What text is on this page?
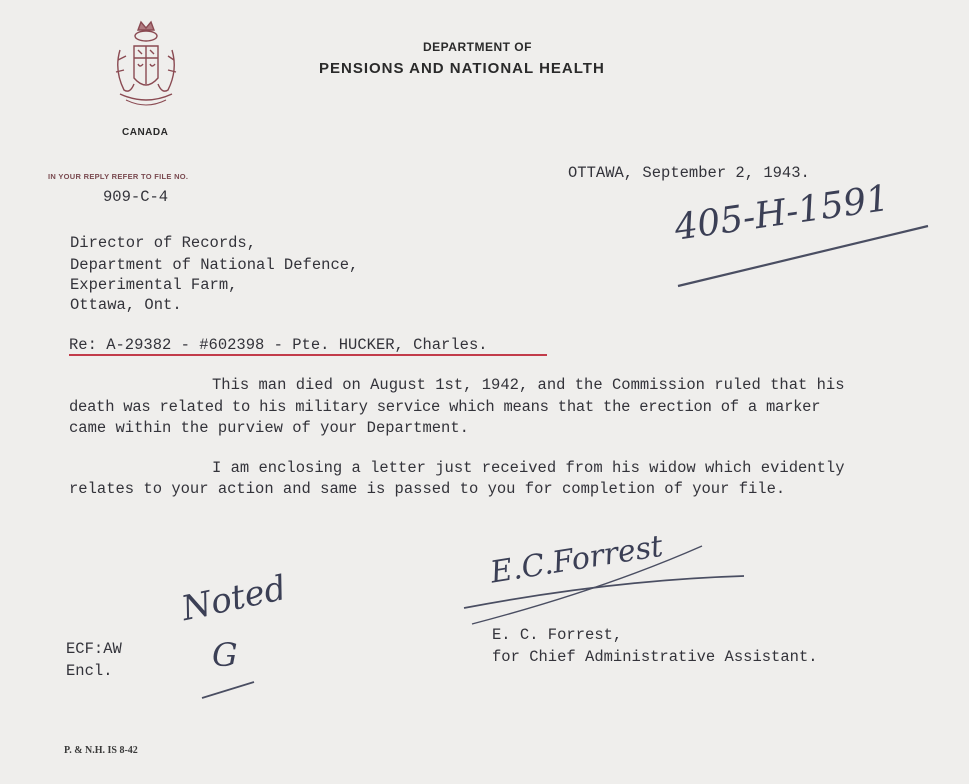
CANADA
DEPARTMENT OF
PENSIONS AND NATIONAL HEALTH
IN YOUR REPLY REFER TO FILE NO.
909-C-4
OTTAWA, September 2, 1943.
405-H-1591
Director of Records,
Department of National Defence,
Experimental Farm,
Ottawa, Ont.
Re: A-29382 - #602398 - Pte. HUCKER, Charles.
This man died on August 1st, 1942, and the Commission ruled that his
death was related to his military service which means that the erection of a marker
came within the purview of your Department.
I am enclosing a letter just received from his widow which evidently
relates to your action and same is passed to you for completion of your file.
E.C.Forrest
E. C. Forrest,
for Chief Administrative Assistant.
Noted
G
ECF:AW
Encl.
P. & N.H. IS 8-42
